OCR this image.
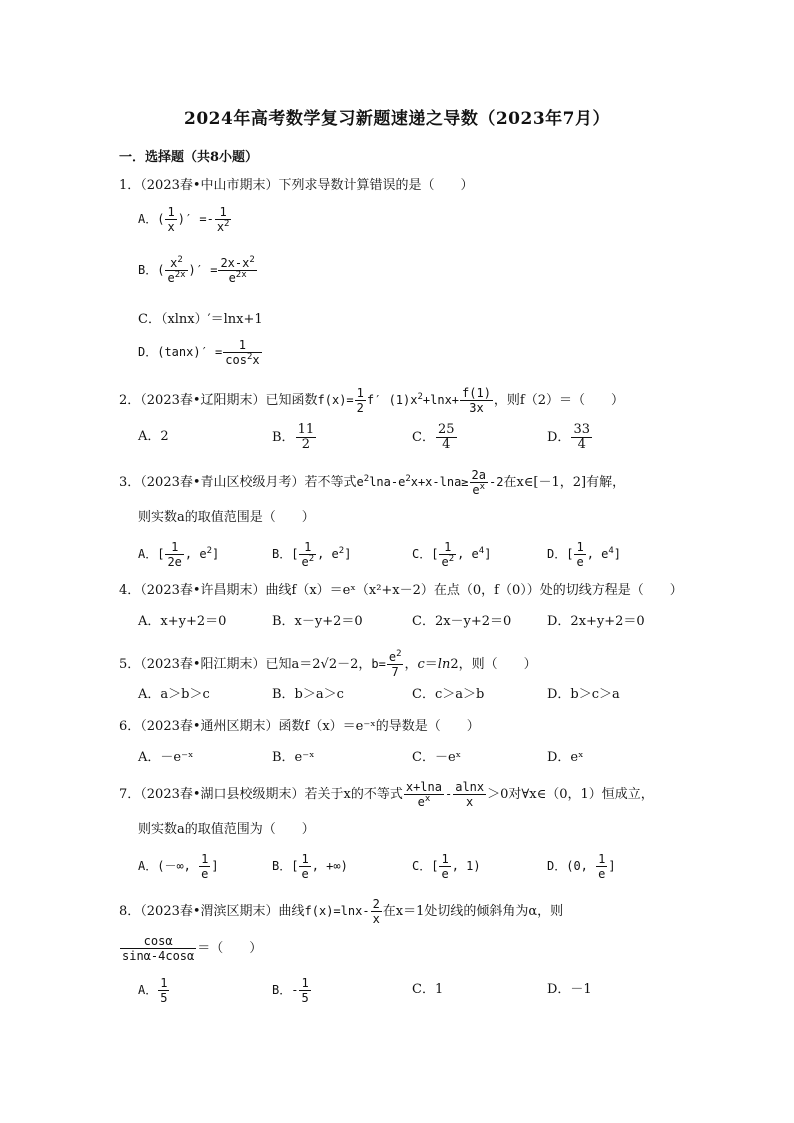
2024年高考数学复习新题速递之导数（2023年7月）
一．选择题（共8小题）
1．（2023春•中山市期末）下列求导数计算错误的是（　　）
A．( $\frac{1}{x}$ )′ =- $\frac{1}{x^2}$
B．( $\frac{x^2}{e^{2x}}$ )′ = $\frac{2x-x^2}{e^{2x}}$
C．（xlnx）′＝lnx+1
D．$(\tan x)' = \frac{1}{\cos^2x}$
2．（2023春•辽阳期末）已知函数$f(x)= \frac{1}{2} f'$ $(1)x^2+\ln x+ \frac{f(1)}{3x}$ ，则f（2）＝（　　）
A．2	B． $\frac{11}{2}$	C． $\frac{25}{4}$	D． $\frac{33}{4}$
3．（2023春•青山区校级月考）若不等式$e^2\ln a-e^2x+x-\ln a\ge \frac{2a}{e^x} -2$在x∈[－1，2]有解，
则实数a的取值范围是（　　）
A．[ $\frac{1}{2e}$ , $e^2$]	B．[ $\frac{1}{e^2}$ , $e^2$]	C．[ $\frac{1}{e^2}$ , $e^4$]	D．[ $\frac{1}{e}$ , $e^4$]
4．（2023春•许昌期末）曲线f（x）＝eˣ（x²+x－2）在点（0，f（0））处的切线方程是（　　）
A．x+y+2＝0	B．x－y+2＝0	C．2x－y+2＝0	D．2x+y+2＝0
5．（2023春•阳江期末）已知a＝2√2－2，$b= \frac{e^2}{7}$ ，c＝ln2，则（　　）
A．a＞b＞c	B．b＞a＞c	C．c＞a＞b	D．b＞c＞a
6．（2023春•通州区期末）函数f（x）＝e⁻ˣ的导数是（　　）
A．－e⁻ˣ	B．e⁻ˣ	C．－eˣ	D．eˣ
7．（2023春•湖口县校级期末）若关于x的不等式 $\frac{x+\ln a}{e^x} - \frac{alnx}{x} >0$对∀x∈（0，1）恒成立，
则实数a的取值范围为（　　）
A．(－∞, $\frac{1}{e}$ ]	B．[ $\frac{1}{e}$ , +∞)	C．[ $\frac{1}{e}$ , 1)	D．(0, $\frac{1}{e}$ ]
8．（2023春•渭滨区期末）曲线$f(x)=\ln x- \frac{2}{x}$ 在x＝1处切线的倾斜角为α，则
$\frac{\cos\alpha}{\sin\alpha-4\cos\alpha}$ ＝（　　）
A． $\frac{1}{5}$	B．- $\frac{1}{5}$	C．1	D．－1
